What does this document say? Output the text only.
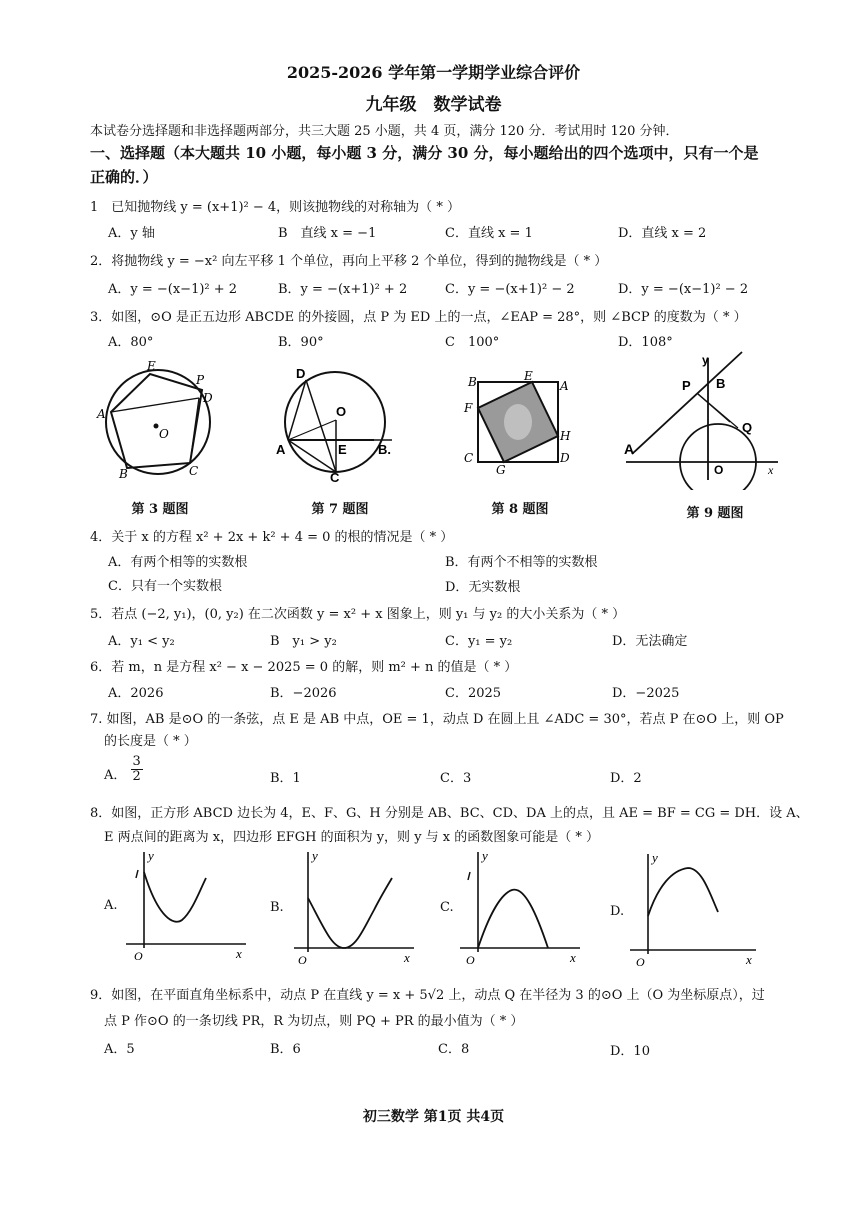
2025-2026 学年第一学期学业综合评价
九年级　数学试卷
本试卷分选择题和非选择题两部分，共三大题 25 小题，共 4 页，满分 120 分．考试用时 120 分钟．
一、选择题（本大题共 10 小题，每小题 3 分，满分 30 分，每小题给出的四个选项中，只有一个是
正确的．）
1　已知抛物线 y = (x+1)² − 4，则该抛物线的对称轴为（ * ）
A．y 轴	B　直线 x = −1	C．直线 x = 1	D．直线 x = 2
2．将抛物线 y = −x² 向左平移 1 个单位，再向上平移 2 个单位，得到的抛物线是（ * ）
A．y = −(x−1)² + 2	B．y = −(x+1)² + 2	C．y = −(x+1)² − 2	D．y = −(x−1)² − 2
3．如图，⊙O 是正五边形 ABCDE 的外接圆，点 P 为 ED 上的一点，∠EAP = 28°，则 ∠BCP 的度数为（ * ）
A．80°	B．90°	C　100°	D．108°
A
E
P
D
C
B
O
第 3 题图
D
O
A	E B.
C
第 7 题图
B	E
A
F
H
C
G
D
第 8 题图
y
P B
Q
A
O	x
第 9 题图
4．关于 x 的方程 x² + 2x + k² + 4 = 0 的根的情况是（ * ）
A．有两个相等的实数根	B．有两个不相等的实数根
C．只有一个实数根	D．无实数根
5．若点 (−2, y₁)，(0, y₂) 在二次函数 y = x² + x 图象上，则 y₁ 与 y₂ 的大小关系为（ * ）
A．y₁ < y₂	B　y₁ > y₂	C．y₁ = y₂	D．无法确定
6．若 m，n 是方程 x² − x − 2025 = 0 的解，则 m² + n 的值是（ * ）
A．2026	B．−2026	C．2025	D．−2025
7. 如图，AB 是⊙O 的一条弦，点 E 是 AB 中点，OE = 1，动点 D 在圆上且 ∠ADC = 30°，若点 P 在⊙O 上，则 OP
的长度是（ * ）
A． $\frac{3}{2}$	B．1	C．3	D．2
8．如图，正方形 ABCD 边长为 4，E、F、G、H 分别是 AB、BC、CD、DA 上的点，且 AE = BF = CG = DH．设 A、
E 两点间的距离为 x，四边形 EFGH 的面积为 y，则 y 与 x 的函数图象可能是（ * ）
A.
y
O	x
B.
y
O	x
C.
y
O	x
D.
y
O	x
9．如图，在平面直角坐标系中，动点 P 在直线 y = x + 5√2 上，动点 Q 在半径为 3 的⊙O 上（O 为坐标原点），过
点 P 作⊙O 的一条切线 PR，R 为切点，则 PQ + PR 的最小值为（ * ）
A．5	B．6	C．8	D．10
初三数学 第1页 共4页
